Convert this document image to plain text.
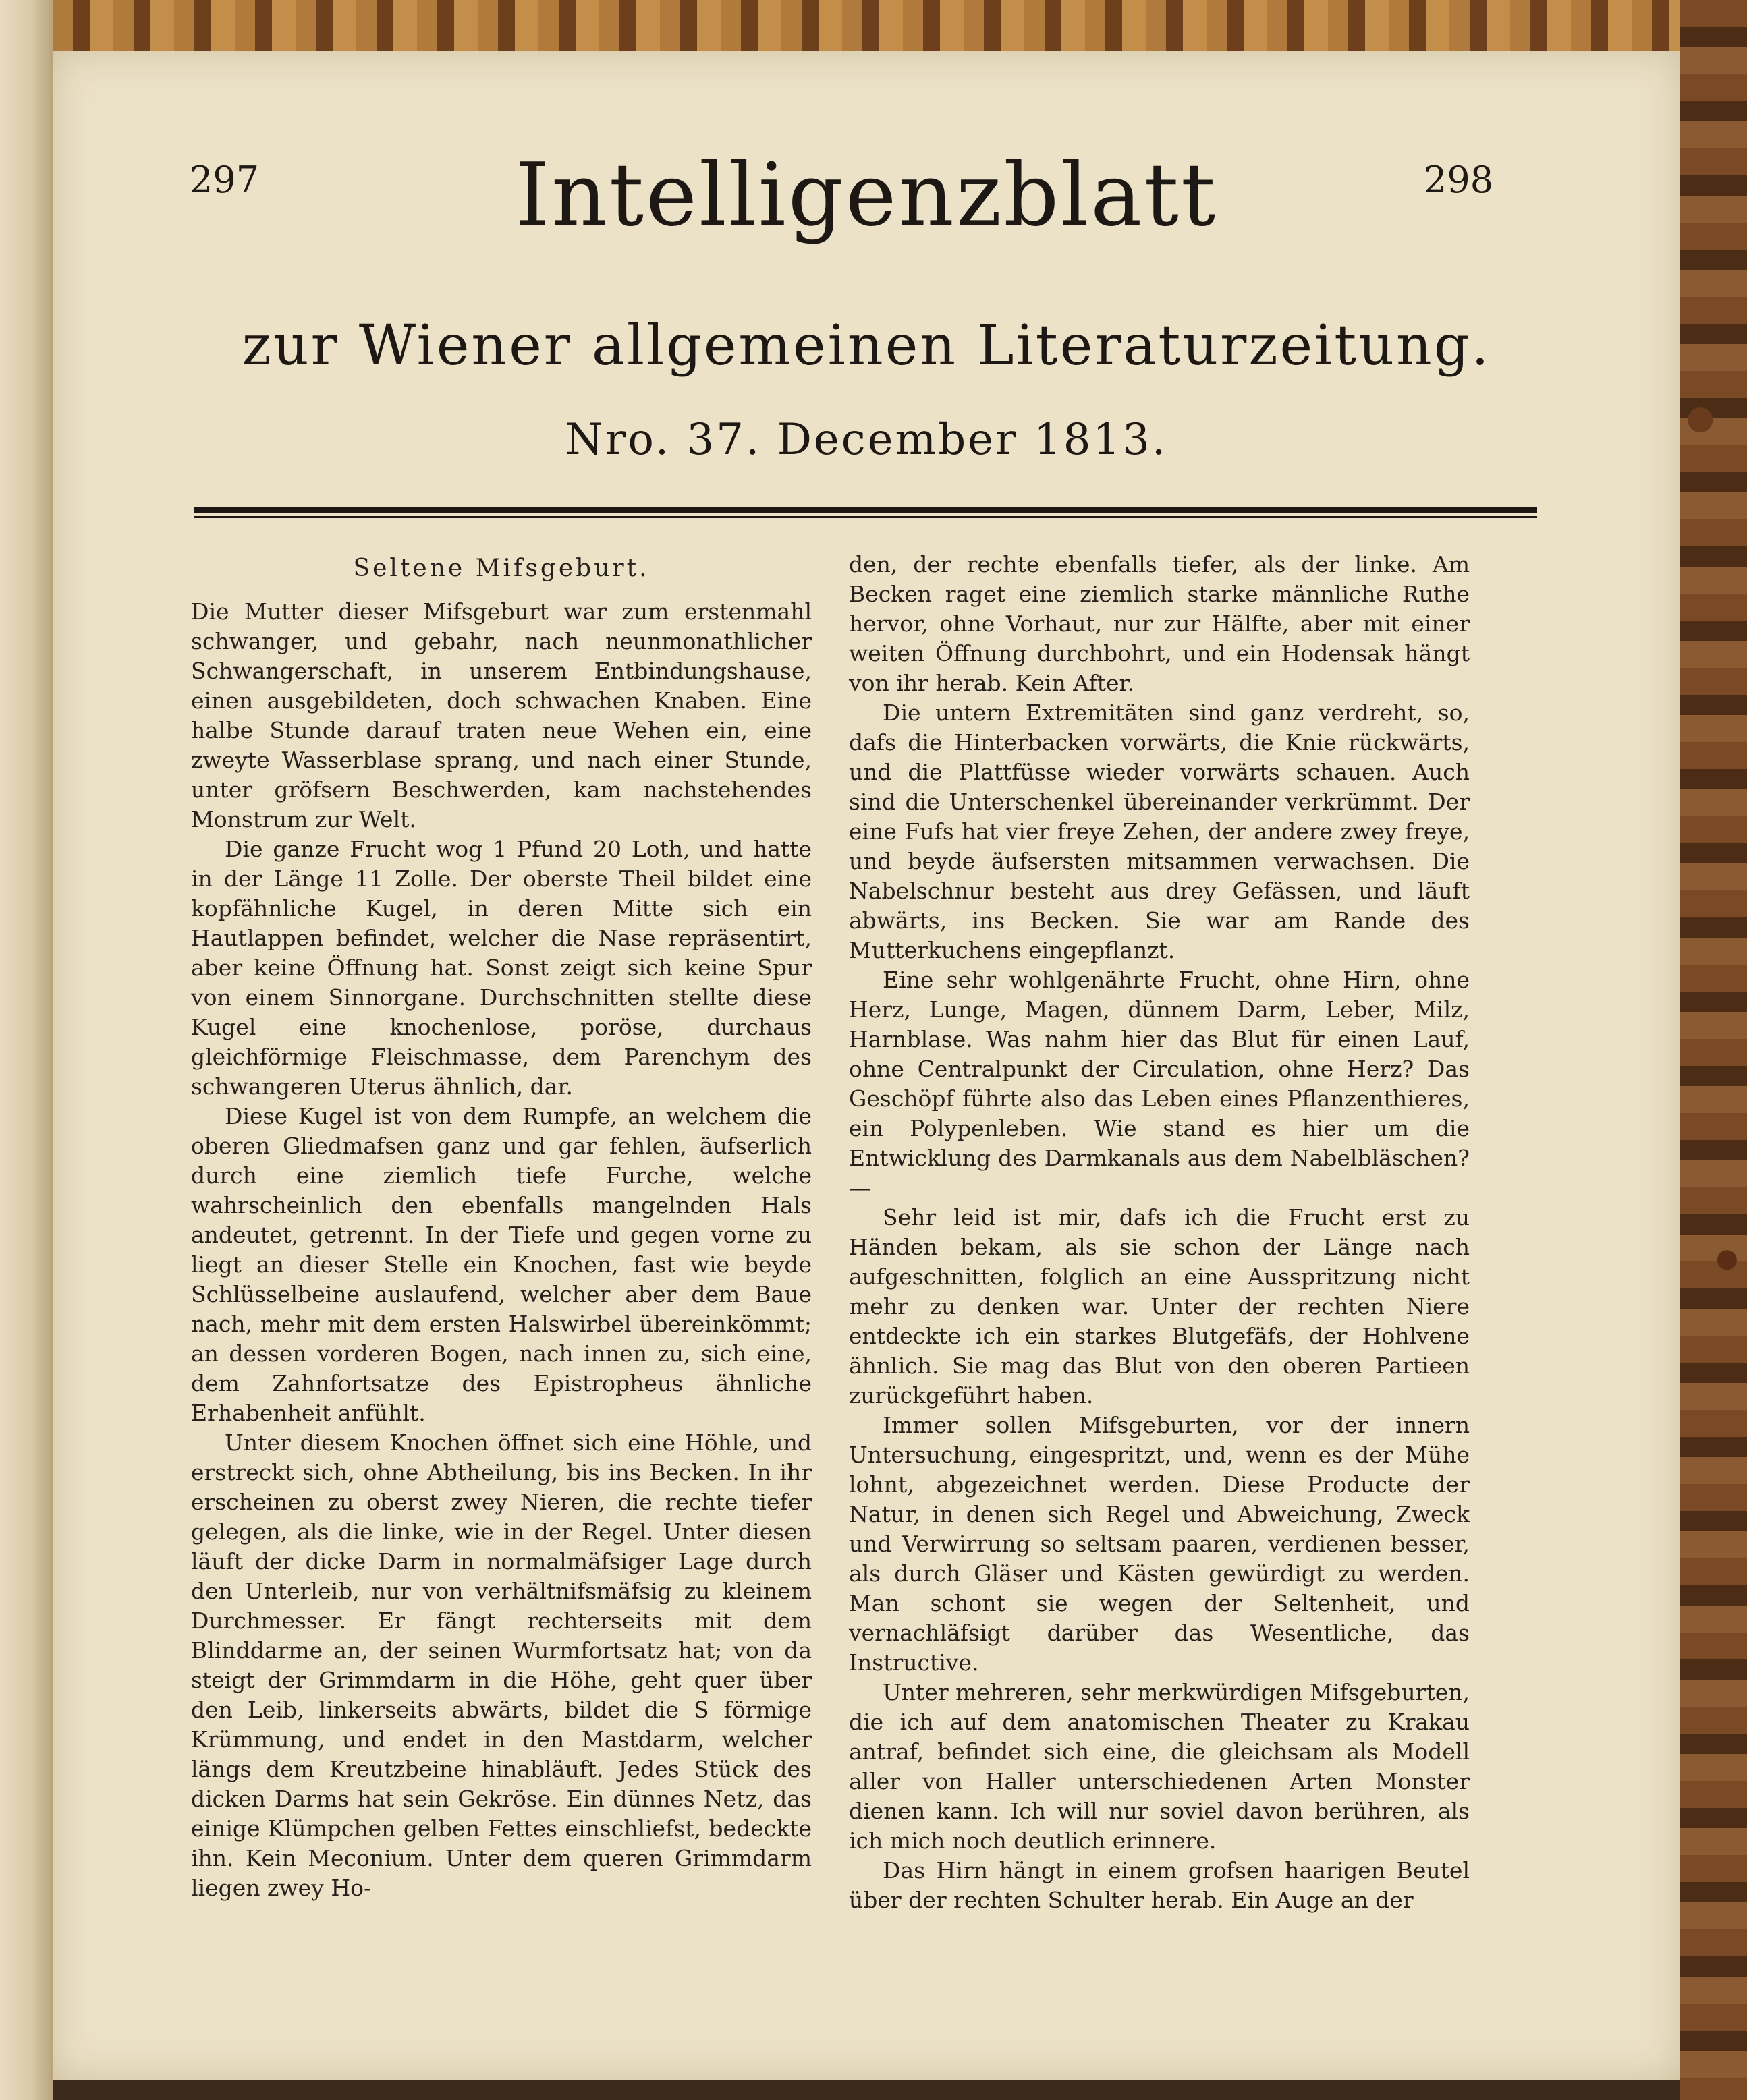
297	298
Intelligenzblatt
zur Wiener allgemeinen Literaturzeitung.
Nro. 37. December 1813.
Seltene Mifsgeburt.

Die Mutter dieser Mifsgeburt war zum erstenmahl schwanger, und gebahr, nach neunmonathlicher Schwangerschaft, in unserem Entbindungshause, einen ausgebildeten, doch schwachen Knaben. Eine halbe Stunde darauf traten neue Wehen ein, eine zweyte Wasserblase sprang, und nach einer Stunde, unter gröfsern Beschwerden, kam nachstehendes Monstrum zur Welt.

Die ganze Frucht wog 1 Pfund 20 Loth, und hatte in der Länge 11 Zolle. Der oberste Theil bildet eine kopfähnliche Kugel, in deren Mitte sich ein Hautlappen befindet, welcher die Nase repräsentirt, aber keine Öffnung hat. Sonst zeigt sich keine Spur von einem Sinnorgane. Durchschnitten stellte diese Kugel eine knochenlose, poröse, durchaus gleichförmige Fleischmasse, dem Parenchym des schwangeren Uterus ähnlich, dar.

Diese Kugel ist von dem Rumpfe, an welchem die oberen Gliedmafsen ganz und gar fehlen, äufserlich durch eine ziemlich tiefe Furche, welche wahrscheinlich den ebenfalls mangelnden Hals andeutet, getrennt. In der Tiefe und gegen vorne zu liegt an dieser Stelle ein Knochen, fast wie beyde Schlüsselbeine auslaufend, welcher aber dem Baue nach, mehr mit dem ersten Halswirbel übereinkömmt; an dessen vorderen Bogen, nach innen zu, sich eine, dem Zahnfortsatze des Epistropheus ähnliche Erhabenheit anfühlt.

Unter diesem Knochen öffnet sich eine Höhle, und erstreckt sich, ohne Abtheilung, bis ins Becken. In ihr erscheinen zu oberst zwey Nieren, die rechte tiefer gelegen, als die linke, wie in der Regel. Unter diesen läuft der dicke Darm in normalmäfsiger Lage durch den Unterleib, nur von verhältnifsmäfsig zu kleinem Durchmesser. Er fängt rechterseits mit dem Blinddarme an, der seinen Wurmfortsatz hat; von da steigt der Grimmdarm in die Höhe, geht quer über den Leib, linkerseits abwärts, bildet die S förmige Krümmung, und endet in den Mastdarm, welcher längs dem Kreutzbeine hinabläuft. Jedes Stück des dicken Darms hat sein Gekröse. Ein dünnes Netz, das einige Klümpchen gelben Fettes einschliefst, bedeckte ihn. Kein Meconium. Unter dem queren Grimmdarm liegen zwey Ho-

den, der rechte ebenfalls tiefer, als der linke. Am Becken raget eine ziemlich starke männliche Ruthe hervor, ohne Vorhaut, nur zur Hälfte, aber mit einer weiten Öffnung durchbohrt, und ein Hodensak hängt von ihr herab. Kein After.

Die untern Extremitäten sind ganz verdreht, so, dafs die Hinterbacken vorwärts, die Knie rückwärts, und die Plattfüsse wieder vorwärts schauen. Auch sind die Unterschenkel übereinander verkrümmt. Der eine Fufs hat vier freye Zehen, der andere zwey freye, und beyde äufsersten mitsammen verwachsen. Die Nabelschnur besteht aus drey Gefässen, und läuft abwärts, ins Becken. Sie war am Rande des Mutterkuchens eingepflanzt.

Eine sehr wohlgenährte Frucht, ohne Hirn, ohne Herz, Lunge, Magen, dünnem Darm, Leber, Milz, Harnblase. Was nahm hier das Blut für einen Lauf, ohne Centralpunkt der Circulation, ohne Herz? Das Geschöpf führte also das Leben eines Pflanzenthieres, ein Polypenleben. Wie stand es hier um die Entwicklung des Darmkanals aus dem Nabelbläschen? —

Sehr leid ist mir, dafs ich die Frucht erst zu Händen bekam, als sie schon der Länge nach aufgeschnitten, folglich an eine Ausspritzung nicht mehr zu denken war. Unter der rechten Niere entdeckte ich ein starkes Blutgefäfs, der Hohlvene ähnlich. Sie mag das Blut von den oberen Partieen zurückgeführt haben.

Immer sollen Mifsgeburten, vor der innern Untersuchung, eingespritzt, und, wenn es der Mühe lohnt, abgezeichnet werden. Diese Producte der Natur, in denen sich Regel und Abweichung, Zweck und Verwirrung so seltsam paaren, verdienen besser, als durch Gläser und Kästen gewürdigt zu werden. Man schont sie wegen der Seltenheit, und vernachläfsigt darüber das Wesentliche, das Instructive.

Unter mehreren, sehr merkwürdigen Mifsgeburten, die ich auf dem anatomischen Theater zu Krakau antraf, befindet sich eine, die gleichsam als Modell aller von Haller unterschiedenen Arten Monster dienen kann. Ich will nur soviel davon berühren, als ich mich noch deutlich erinnere.

Das Hirn hängt in einem grofsen haarigen Beutel über der rechten Schulter herab. Ein Auge an der
